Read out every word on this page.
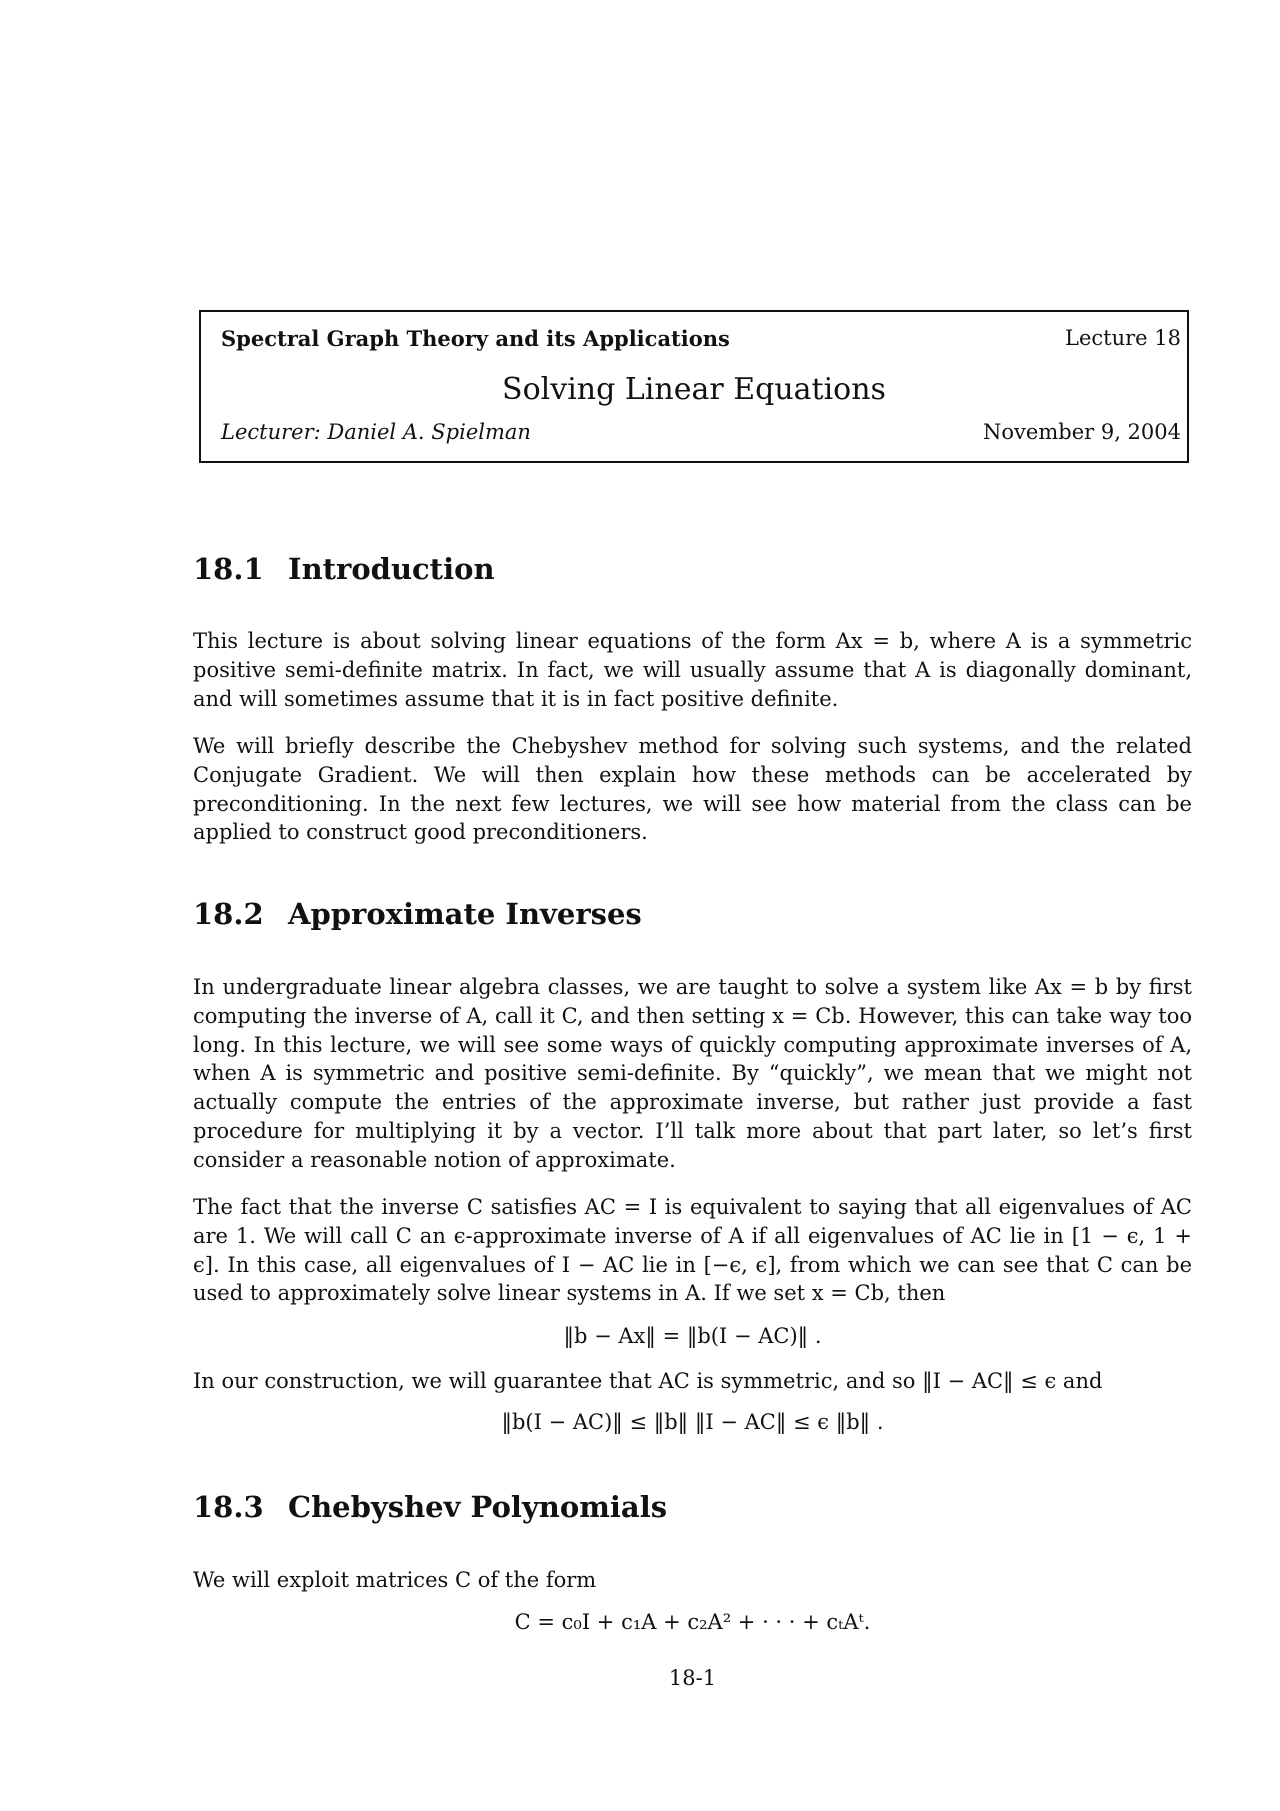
Spectral Graph Theory and its Applications	Lecture 18
Solving Linear Equations
Lecturer: Daniel A. Spielman	November 9, 2004
18.1 Introduction

This lecture is about solving linear equations of the form Ax = b, where A is a symmetric positive semi-definite matrix. In fact, we will usually assume that A is diagonally dominant, and will sometimes assume that it is in fact positive definite.

We will briefly describe the Chebyshev method for solving such systems, and the related Conjugate Gradient. We will then explain how these methods can be accelerated by preconditioning. In the next few lectures, we will see how material from the class can be applied to construct good preconditioners.

18.2 Approximate Inverses

In undergraduate linear algebra classes, we are taught to solve a system like Ax = b by first computing the inverse of A, call it C, and then setting x = Cb. However, this can take way too long. In this lecture, we will see some ways of quickly computing approximate inverses of A, when A is symmetric and positive semi-definite. By “quickly”, we mean that we might not actually compute the entries of the approximate inverse, but rather just provide a fast procedure for multiplying it by a vector. I’ll talk more about that part later, so let’s first consider a reasonable notion of approximate.

The fact that the inverse C satisfies AC = I is equivalent to saying that all eigenvalues of AC are 1. We will call C an ϵ-approximate inverse of A if all eigenvalues of AC lie in [1 − ϵ, 1 + ϵ]. In this case, all eigenvalues of I − AC lie in [−ϵ, ϵ], from which we can see that C can be used to approximately solve linear systems in A. If we set x = Cb, then

‖b − Ax‖ = ‖b(I − AC)‖ .

In our construction, we will guarantee that AC is symmetric, and so ‖I − AC‖ ≤ ϵ and

‖b(I − AC)‖ ≤ ‖b‖ ‖I − AC‖ ≤ ϵ ‖b‖ .
18.3 Chebyshev Polynomials

We will exploit matrices C of the form

C = c₀I + c₁A + c₂A² + · · · + cₜAᵗ.
18-1
